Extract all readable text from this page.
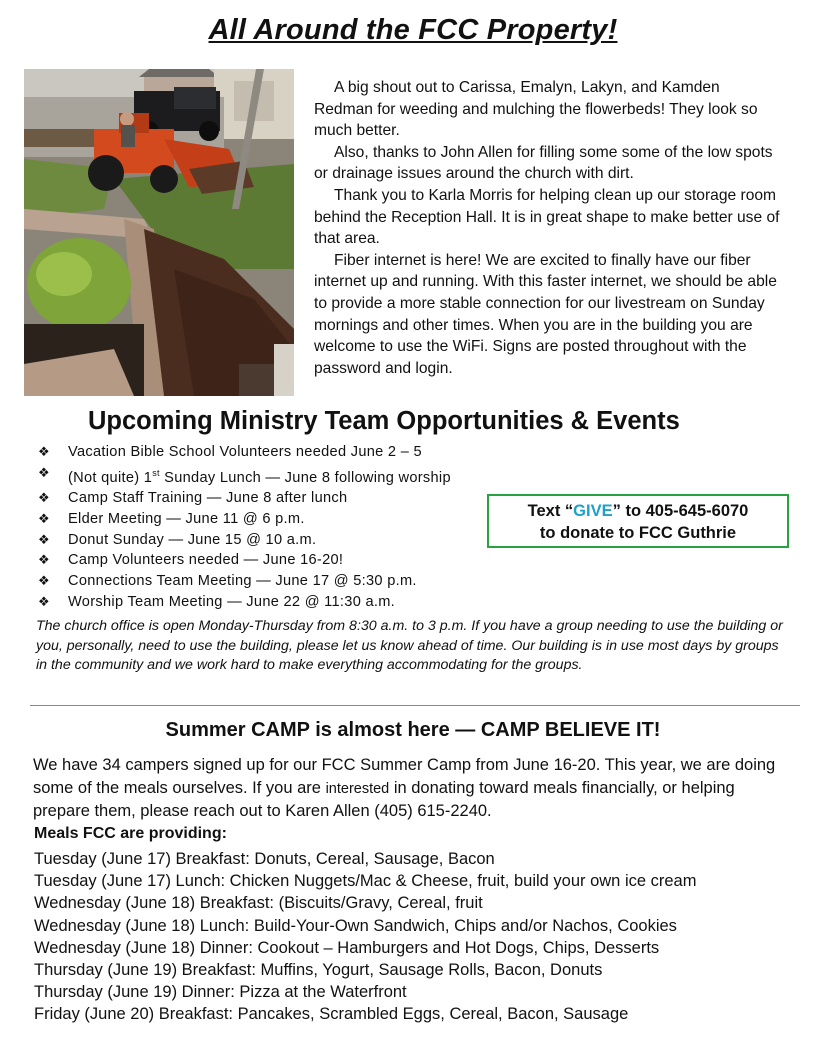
All Around the FCC Property!

A big shout out to Carissa, Emalyn, Lakyn, and Kamden Redman for weeding and mulching the flowerbeds! They look so much better.

Also, thanks to John Allen for filling some some of the low spots or drainage issues around the church with dirt.

Thank you to Karla Morris for helping clean up our storage room behind the Reception Hall. It is in great shape to make better use of that area.

Fiber internet is here! We are excited to finally have our fiber internet up and running. With this faster internet, we should be able to provide a more stable connection for our livestream on Sunday mornings and other times. When you are in the building you are welcome to use the WiFi. Signs are posted throughout with the password and login.

Upcoming Ministry Team Opportunities & Events
❖ Vacation Bible School Volunteers needed June 2 – 5
❖ (Not quite) 1st Sunday Lunch — June 8 following worship
❖ Camp Staff Training — June 8 after lunch
❖ Elder Meeting — June 11 @ 6 p.m.
❖ Donut Sunday — June 15 @ 10 a.m.
❖ Camp Volunteers needed — June 16-20!
❖ Connections Team Meeting — June 17 @ 5:30 p.m.
❖ Worship Team Meeting — June 22 @ 11:30 a.m.
Text “GIVE” to 405-645-6070
to donate to FCC Guthrie
The church office is open Monday-Thursday from 8:30 a.m. to 3 p.m. If you have a group needing to use the building or you, personally, need to use the building, please let us know ahead of time. Our building is in use most days by groups in the community and we work hard to make everything accommodating for the groups.
Summer CAMP is almost here — CAMP BELIEVE IT!
We have 34 campers signed up for our FCC Summer Camp from June 16-20. This year, we are doing some of the meals ourselves. If you are interested in donating toward meals financially, or helping prepare them, please reach out to Karen Allen (405) 615-2240.
Meals FCC are providing:
Tuesday (June 17) Breakfast: Donuts, Cereal, Sausage, Bacon
Tuesday (June 17) Lunch: Chicken Nuggets/Mac & Cheese, fruit, build your own ice cream
Wednesday (June 18) Breakfast: (Biscuits/Gravy, Cereal, fruit
Wednesday (June 18) Lunch: Build-Your-Own Sandwich, Chips and/or Nachos, Cookies
Wednesday (June 18) Dinner: Cookout – Hamburgers and Hot Dogs, Chips, Desserts
Thursday (June 19) Breakfast: Muffins, Yogurt, Sausage Rolls, Bacon, Donuts
Thursday (June 19) Dinner: Pizza at the Waterfront
Friday (June 20) Breakfast: Pancakes, Scrambled Eggs, Cereal, Bacon, Sausage
